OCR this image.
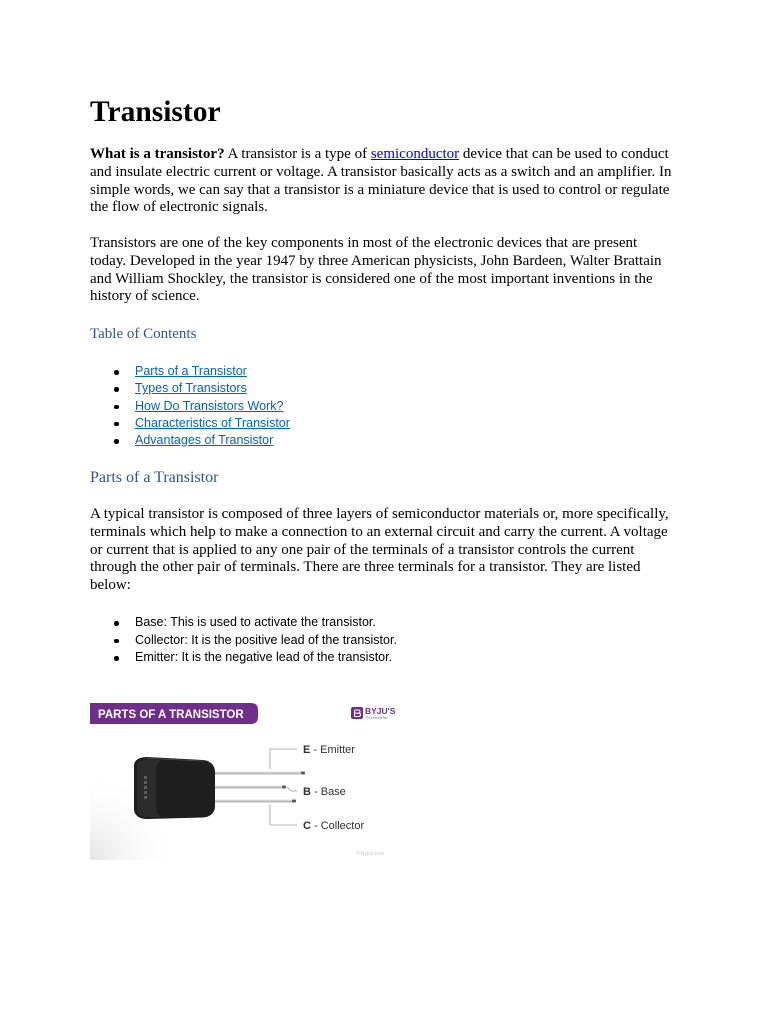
Transistor
What is a transistor? A transistor is a type of semiconductor device that can be used to conduct
and insulate electric current or voltage. A transistor basically acts as a switch and an amplifier. In
simple words, we can say that a transistor is a miniature device that is used to control or regulate
the flow of electronic signals.
Transistors are one of the key components in most of the electronic devices that are present
today. Developed in the year 1947 by three American physicists, John Bardeen, Walter Brattain
and William Shockley, the transistor is considered one of the most important inventions in the
history of science.
Table of Contents
Parts of a Transistor
Types of Transistors
How Do Transistors Work?
Characteristics of Transistor
Advantages of Transistor
Parts of a Transistor
A typical transistor is composed of three layers of semiconductor materials or, more specifically,
terminals which help to make a connection to an external circuit and carry the current. A voltage
or current that is applied to any one pair of the terminals of a transistor controls the current
through the other pair of terminals. There are three terminals for a transistor. They are listed
below:
Base: This is used to activate the transistor.
Collector: It is the positive lead of the transistor.
Emitter: It is the negative lead of the transistor.
PARTS OF A TRANSISTOR	BYJU'S
The Learning App
E - Emitter
B - Base
C - Collector
© Byjus.com
